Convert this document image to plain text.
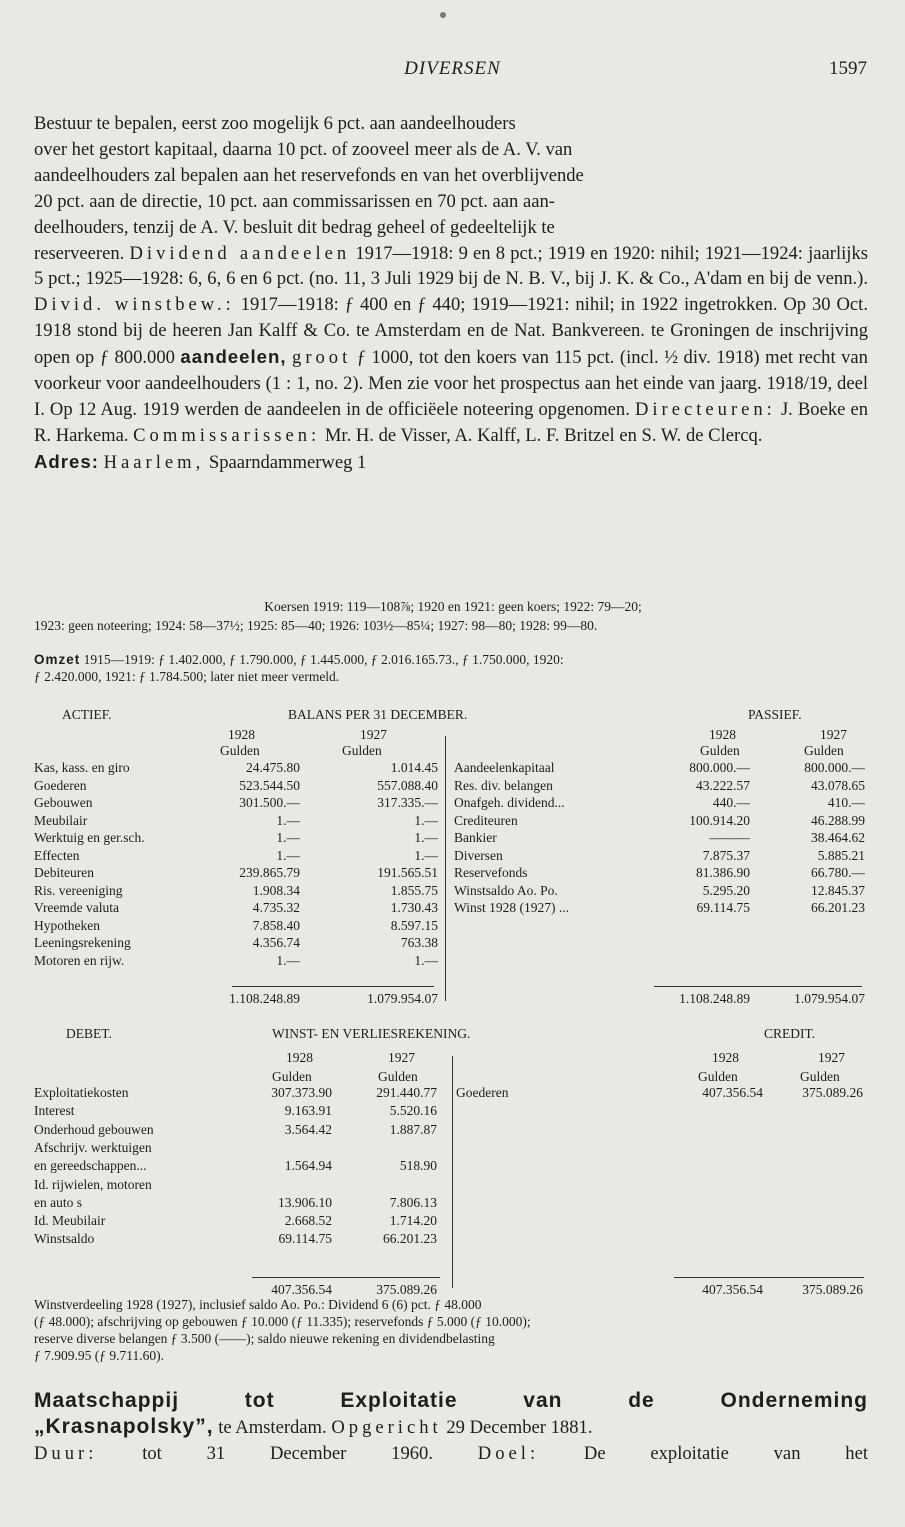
DIVERSEN	1597

Bestuur te bepalen, eerst zoo mogelijk 6 pct. aan aandeelhouders

over het gestort kapitaal, daarna 10 pct. of zooveel meer als de A. V. van

aandeelhouders zal bepalen aan het reservefonds en van het overblijvende

20 pct. aan de directie, 10 pct. aan commissarissen en 70 pct. aan aan-

deelhouders, tenzij de A. V. besluit dit bedrag geheel of gedeeltelijk te

reserveeren. Dividend aandeelen 1917—1918: 9 en 8 pct.; 1919 en 1920: nihil; 1921—1924: jaarlijks 5 pct.; 1925—1928: 6, 6, 6 en 6 pct. (no. 11, 3 Juli 1929 bij de N. B. V., bij J. K. & Co., A'dam en bij de venn.). Divid. winstbew.: 1917—1918: ƒ 400 en ƒ 440; 1919—1921: nihil; in 1922 ingetrokken. Op 30 Oct. 1918 stond bij de heeren Jan Kalff & Co. te Amsterdam en de Nat. Bankvereen. te Groningen de inschrijving open op ƒ 800.000 aandeelen, groot ƒ 1000, tot den koers van 115 pct. (incl. ½ div. 1918) met recht van voorkeur voor aandeelhouders (1 : 1, no. 2). Men zie voor het prospectus aan het einde van jaarg. 1918/19, deel I. Op 12 Aug. 1919 werden de aandeelen in de officiëele noteering opgenomen. Directeuren: J. Boeke en R. Harkema. Commissarissen: Mr. H. de Visser, A. Kalff, L. F. Britzel en S. W. de Clercq.

Adres: Haarlem, Spaarndammerweg 1

Koersen 1919: 119—108⅞; 1920 en 1921: geen koers; 1922: 79—20;
1923: geen noteering; 1924: 58—37½; 1925: 85—40; 1926: 103½—85¼; 1927: 98—80; 1928: 99—80.
Omzet 1915—1919: ƒ 1.402.000, ƒ 1.790.000, ƒ 1.445.000, ƒ 2.016.165.73., ƒ 1.750.000, 1920:
ƒ 2.420.000, 1921: ƒ 1.784.500; later niet meer vermeld.
ACTIEF.	BALANS PER 31 DECEMBER.	PASSIEF.
1928	1927	1928	1927
Gulden	Gulden	Gulden	Gulden
Kas, kass. en giro	24.475.80	1.014.45
Goederen	523.544.50	557.088.40
Gebouwen	301.500.—	317.335.—
Meubilair	1.—	1.—
Werktuig en ger.sch.	1.—	1.—
Effecten	1.—	1.—
Debiteuren	239.865.79	191.565.51
Ris. vereeniging	1.908.34	1.855.75
Vreemde valuta	4.735.32	1.730.43
Hypotheken	7.858.40	8.597.15
Leeningsrekening	4.356.74	763.38
Motoren en rijw.	1.—	1.—
Aandeelenkapitaal	800.000.—	800.000.—
Res. div. belangen	43.222.57	43.078.65
Onafgeh. dividend...	440.—	410.—
Crediteuren	100.914.20	46.288.99
Bankier	———	38.464.62
Diversen	7.875.37	5.885.21
Reservefonds	81.386.90	66.780.—
Winstsaldo Ao. Po.	5.295.20	12.845.37
Winst 1928 (1927) ...	69.114.75	66.201.23
1.108.248.89	1.079.954.07	1.108.248.89	1.079.954.07
DEBET.	WINST- EN VERLIESREKENING.	CREDIT.
1928	1927	1928	1927
Gulden	Gulden	Gulden	Gulden
Exploitatiekosten	307.373.90	291.440.77
Interest	9.163.91	5.520.16
Onderhoud gebouwen	3.564.42	1.887.87
Afschrijv. werktuigen
en gereedschappen...	1.564.94	518.90
Id. rijwielen, motoren
en auto s	13.906.10	7.806.13
Id. Meubilair	2.668.52	1.714.20
Winstsaldo	69.114.75	66.201.23
Goederen	407.356.54	375.089.26
407.356.54	375.089.26	407.356.54	375.089.26
Winstverdeeling 1928 (1927), inclusief saldo Ao. Po.: Dividend 6 (6) pct. ƒ 48.000
(ƒ 48.000); afschrijving op gebouwen ƒ 10.000 (ƒ 11.335); reservefonds ƒ 5.000 (ƒ 10.000);
reserve diverse belangen ƒ 3.500 (——); saldo nieuwe rekening en dividendbelasting
ƒ 7.909.95 (ƒ 9.711.60).
Maatschappij tot Exploitatie van de Onderneming
„Krasnapolsky”, te Amsterdam. Opgericht 29 December 1881.
Duur: tot 31 December 1960. Doel: De exploitatie van het
